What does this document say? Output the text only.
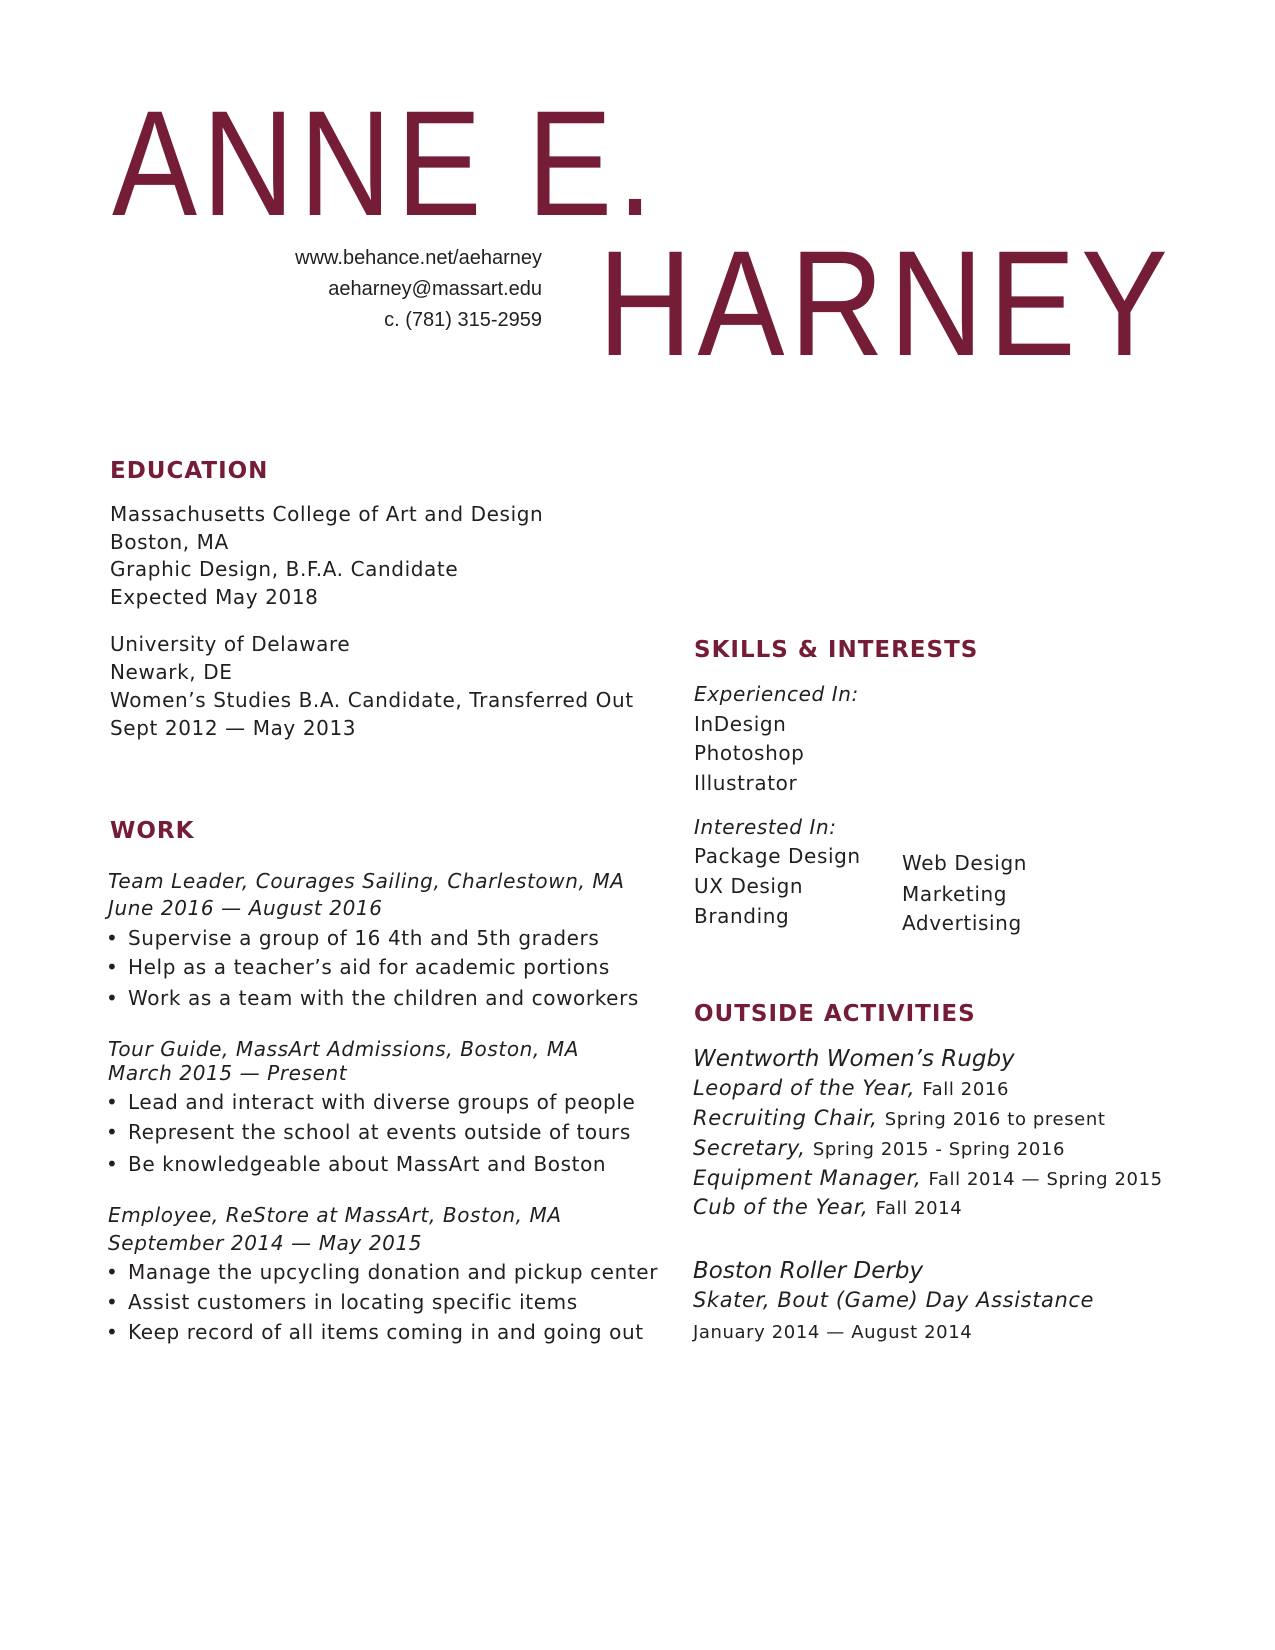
ANNE E.
HARNEY
www.behance.net/aeharney
aeharney@massart.edu
c. (781) 315-2959
EDUCATION
Massachusetts College of Art and Design
Boston, MA
Graphic Design, B.F.A. Candidate
Expected May 2018
University of Delaware
Newark, DE
Women’s Studies B.A. Candidate, Transferred Out
Sept 2012 — May 2013
WORK
Team Leader, Courages Sailing, Charlestown, MA
June 2016 — August 2016
• Supervise a group of 16 4th and 5th graders
• Help as a teacher’s aid for academic portions
• Work as a team with the children and coworkers
Tour Guide, MassArt Admissions, Boston, MA
March 2015 — Present
• Lead and interact with diverse groups of people
• Represent the school at events outside of tours
• Be knowledgeable about MassArt and Boston
Employee, ReStore at MassArt, Boston, MA
September 2014 — May 2015
• Manage the upcycling donation and pickup center
• Assist customers in locating specific items
• Keep record of all items coming in and going out
SKILLS & INTERESTS
Experienced In:
InDesign
Photoshop
Illustrator
Interested In:
Package Design
UX Design
Branding
Web Design
Marketing
Advertising
OUTSIDE ACTIVITIES
Wentworth Women’s Rugby
Leopard of the Year, Fall 2016
Recruiting Chair, Spring 2016 to present
Secretary, Spring 2015 - Spring 2016
Equipment Manager, Fall 2014 — Spring 2015
Cub of the Year, Fall 2014
Boston Roller Derby
Skater, Bout (Game) Day Assistance
January 2014 — August 2014
